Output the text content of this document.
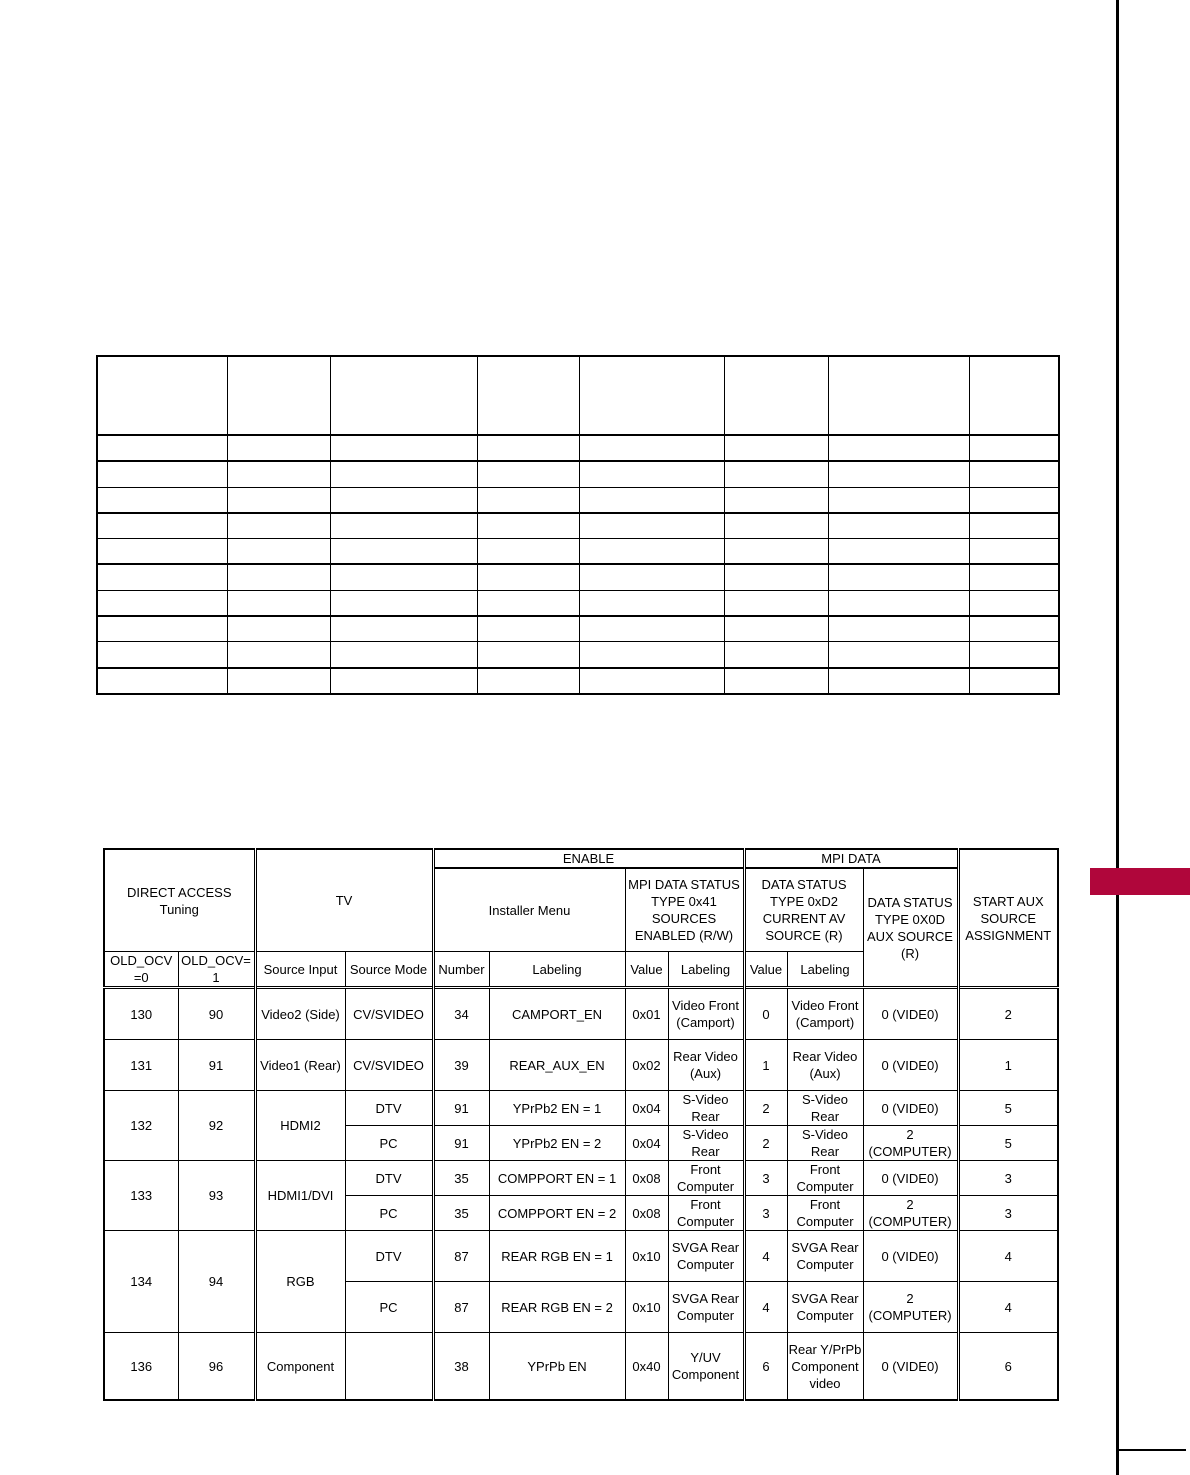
DIRECT ACCESS Tuning		TV		ENABLE				MPI DATA			START AUX SOURCE ASSIGNMENT
				Installer Menu		MPI DATA STATUS TYPE 0x41 SOURCES ENABLED (R/W)		DATA STATUS TYPE 0xD2 CURRENT AV SOURCE (R)		DATA STATUS TYPE 0X0D AUX SOURCE (R)	
OLD_OCV =0	OLD_OCV= 1	Source Input	Source Mode	Number	Labeling	Value	Labeling	Value	Labeling		
130	90	Video2 (Side)	CV/SVIDEO	34	CAMPORT_EN	0x01	Video Front (Camport)	0	Video Front (Camport)	0 (VIDE0)	2
131	91	Video1 (Rear)	CV/SVIDEO	39	REAR_AUX_EN	0x02	Rear Video (Aux)	1	Rear Video (Aux)	0 (VIDE0)	1
132	92	HDMI2	DTV	91	YPrPb2 EN = 1	0x04	S-Video Rear	2	S-Video Rear	0 (VIDE0)	5
			PC	91	YPrPb2 EN = 2	0x04	S-Video Rear	2	S-Video Rear	2 (COMPUTER)	5
133	93	HDMI1/DVI	DTV	35	COMPPORT EN = 1	0x08	Front Computer	3	Front Computer	0 (VIDE0)	3
			PC	35	COMPPORT EN = 2	0x08	Front Computer	3	Front Computer	2 (COMPUTER)	3
134	94	RGB	DTV	87	REAR RGB EN = 1	0x10	SVGA Rear Computer	4	SVGA Rear Computer	0 (VIDE0)	4
			PC	87	REAR RGB EN = 2	0x10	SVGA Rear Computer	4	SVGA Rear Computer	2 (COMPUTER)	4
136	96	Component		38	YPrPb EN	0x40	Y/UV Component	6	Rear Y/PrPb Component video	0 (VIDE0)	6
